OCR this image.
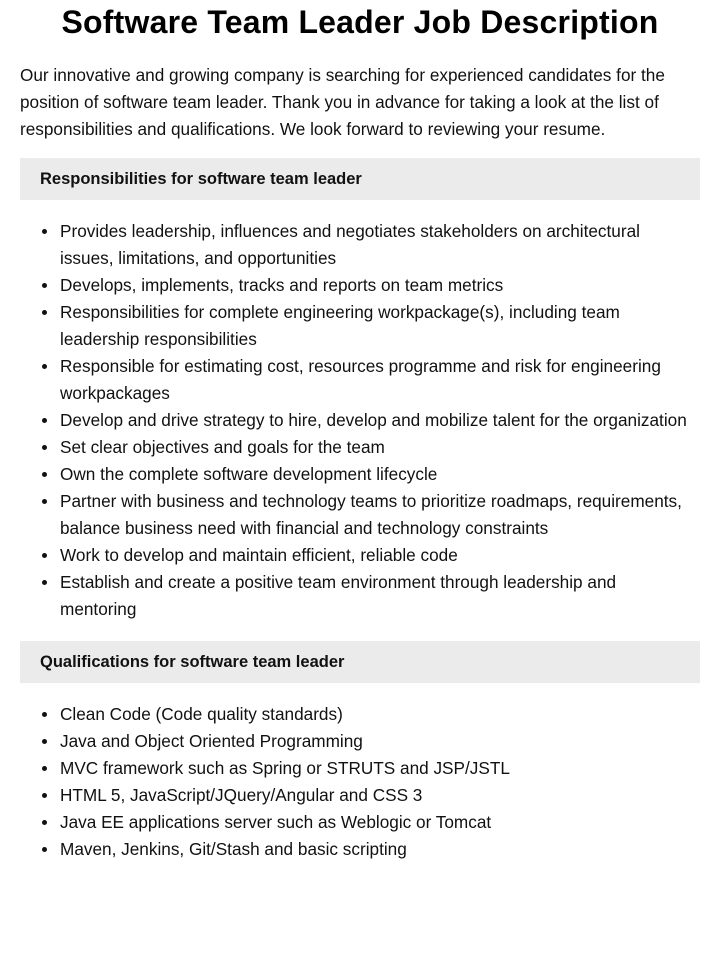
Software Team Leader Job Description

Our innovative and growing company is searching for experienced candidates for the position of software team leader. Thank you in advance for taking a look at the list of responsibilities and qualifications. We look forward to reviewing your resume.

Responsibilities for software team leader
Provides leadership, influences and negotiates stakeholders on architectural issues, limitations, and opportunities
Develops, implements, tracks and reports on team metrics
Responsibilities for complete engineering workpackage(s), including team leadership responsibilities
Responsible for estimating cost, resources programme and risk for engineering workpackages
Develop and drive strategy to hire, develop and mobilize talent for the organization
Set clear objectives and goals for the team
Own the complete software development lifecycle
Partner with business and technology teams to prioritize roadmaps, requirements, balance business need with financial and technology constraints
Work to develop and maintain efficient, reliable code
Establish and create a positive team environment through leadership and mentoring
Qualifications for software team leader
Clean Code (Code quality standards)
Java and Object Oriented Programming
MVC framework such as Spring or STRUTS and JSP/JSTL
HTML 5, JavaScript/JQuery/Angular and CSS 3
Java EE applications server such as Weblogic or Tomcat
Maven, Jenkins, Git/Stash and basic scripting
